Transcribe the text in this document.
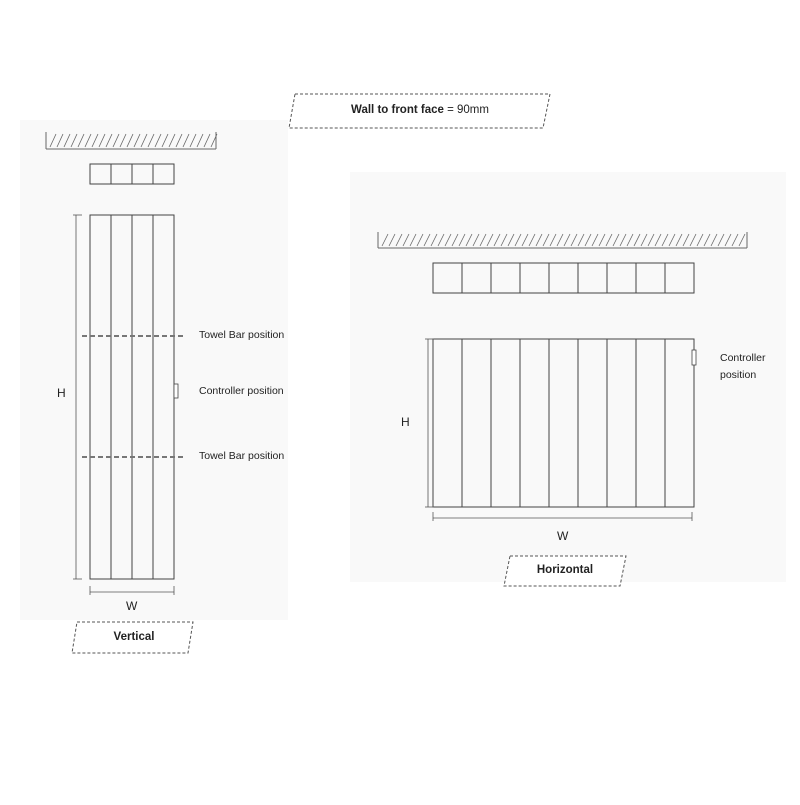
Wall to front face = 90mm
Towel Bar position
Controller position
Towel Bar position
H
W
Vertical
Controller
position
H
W
Horizontal
